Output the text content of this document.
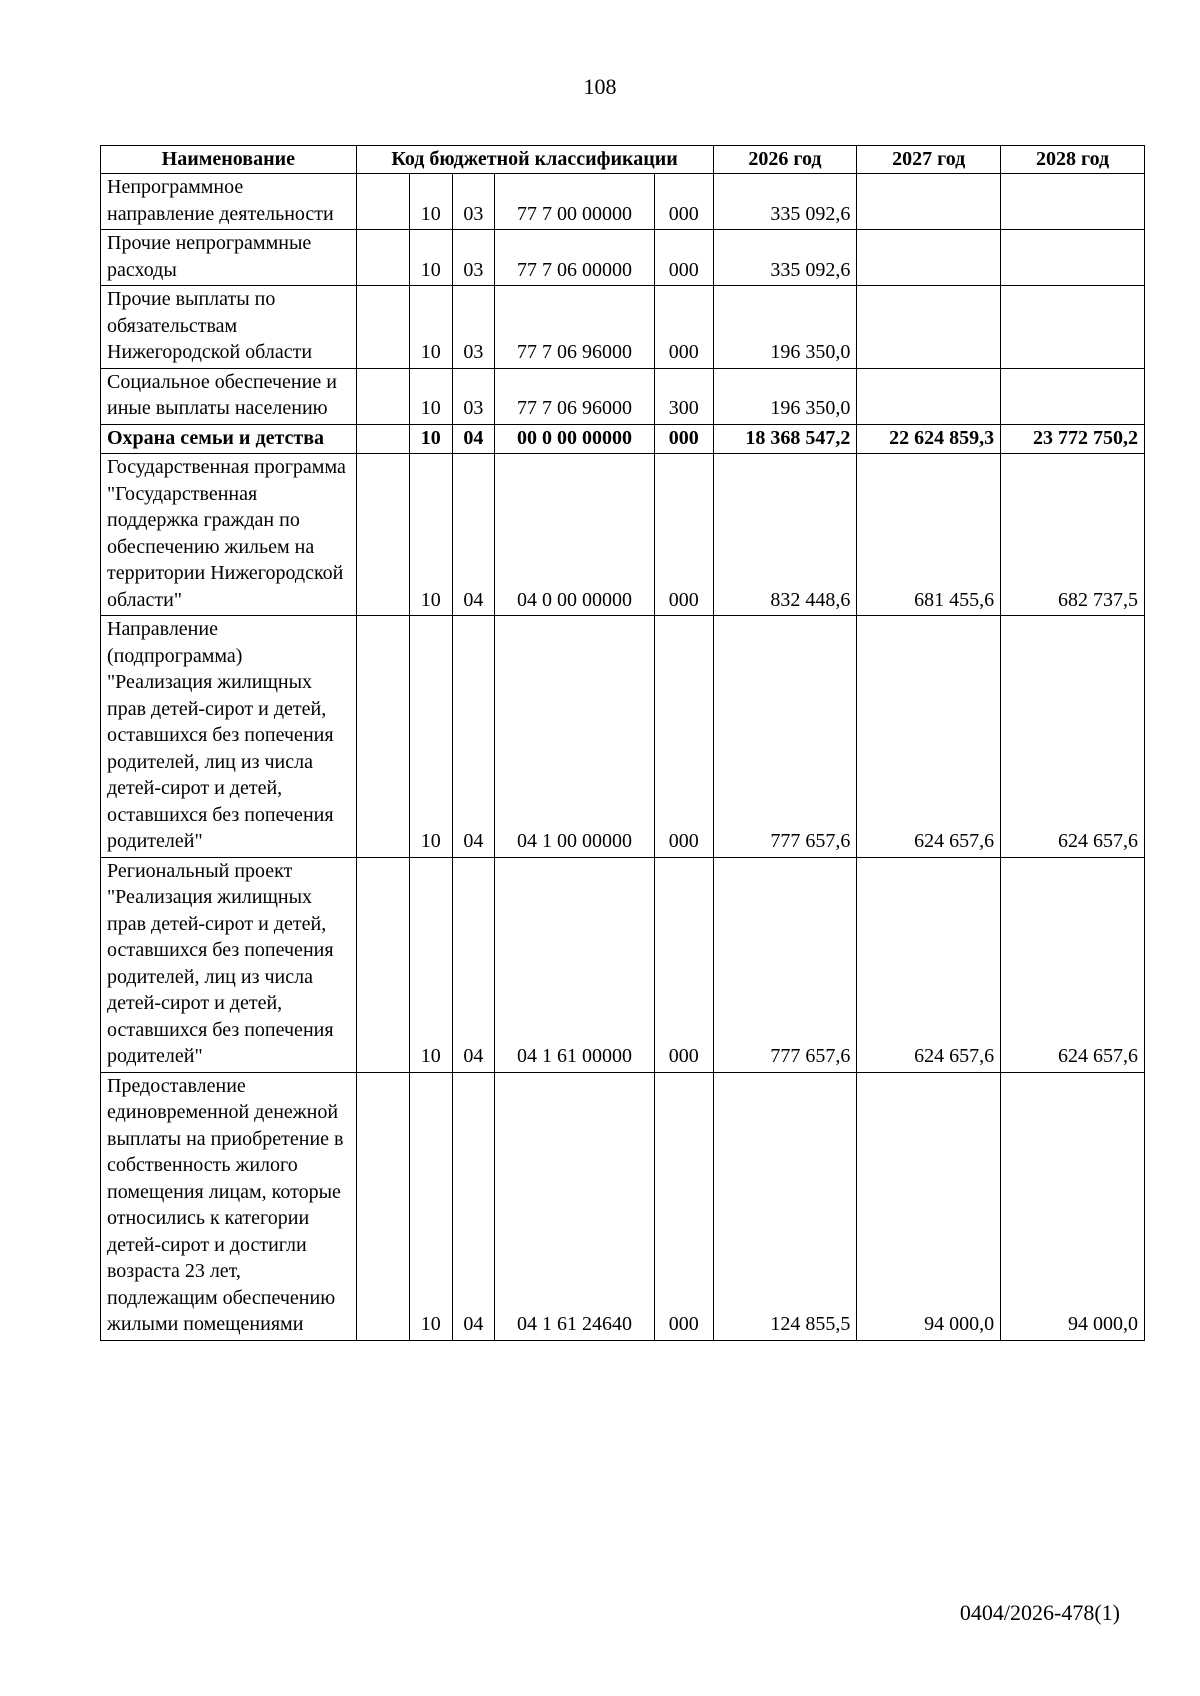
108
Наименование	Код бюджетной классификации					2026 год	2027 год	2028 год
Непрограммное направление деятельности		10	03	77 7 00 00000	000	335 092,6		
Прочие непрограммные расходы		10	03	77 7 06 00000	000	335 092,6		
Прочие выплаты по обязательствам Нижегородской области		10	03	77 7 06 96000	000	196 350,0		
Социальное обеспечение и иные выплаты населению		10	03	77 7 06 96000	300	196 350,0		
Охрана семьи и детства		10	04	00 0 00 00000	000	18 368 547,2	22 624 859,3	23 772 750,2
Государственная программа "Государственная поддержка граждан по обеспечению жильем на территории Нижегородской области"		10	04	04 0 00 00000	000	832 448,6	681 455,6	682 737,5
Направление (подпрограмма) "Реализация жилищных прав детей-сирот и детей, оставшихся без попечения родителей, лиц из числа детей-сирот и детей, оставшихся без попечения родителей"		10	04	04 1 00 00000	000	777 657,6	624 657,6	624 657,6
Региональный проект "Реализация жилищных прав детей-сирот и детей, оставшихся без попечения родителей, лиц из числа детей-сирот и детей, оставшихся без попечения родителей"		10	04	04 1 61 00000	000	777 657,6	624 657,6	624 657,6
Предоставление единовременной денежной выплаты на приобретение в собственность жилого помещения лицам, которые относились к категории детей-сирот и достигли возраста 23 лет, подлежащим обеспечению жилыми помещениями		10	04	04 1 61 24640	000	124 855,5	94 000,0	94 000,0
0404/2026-478(1)
